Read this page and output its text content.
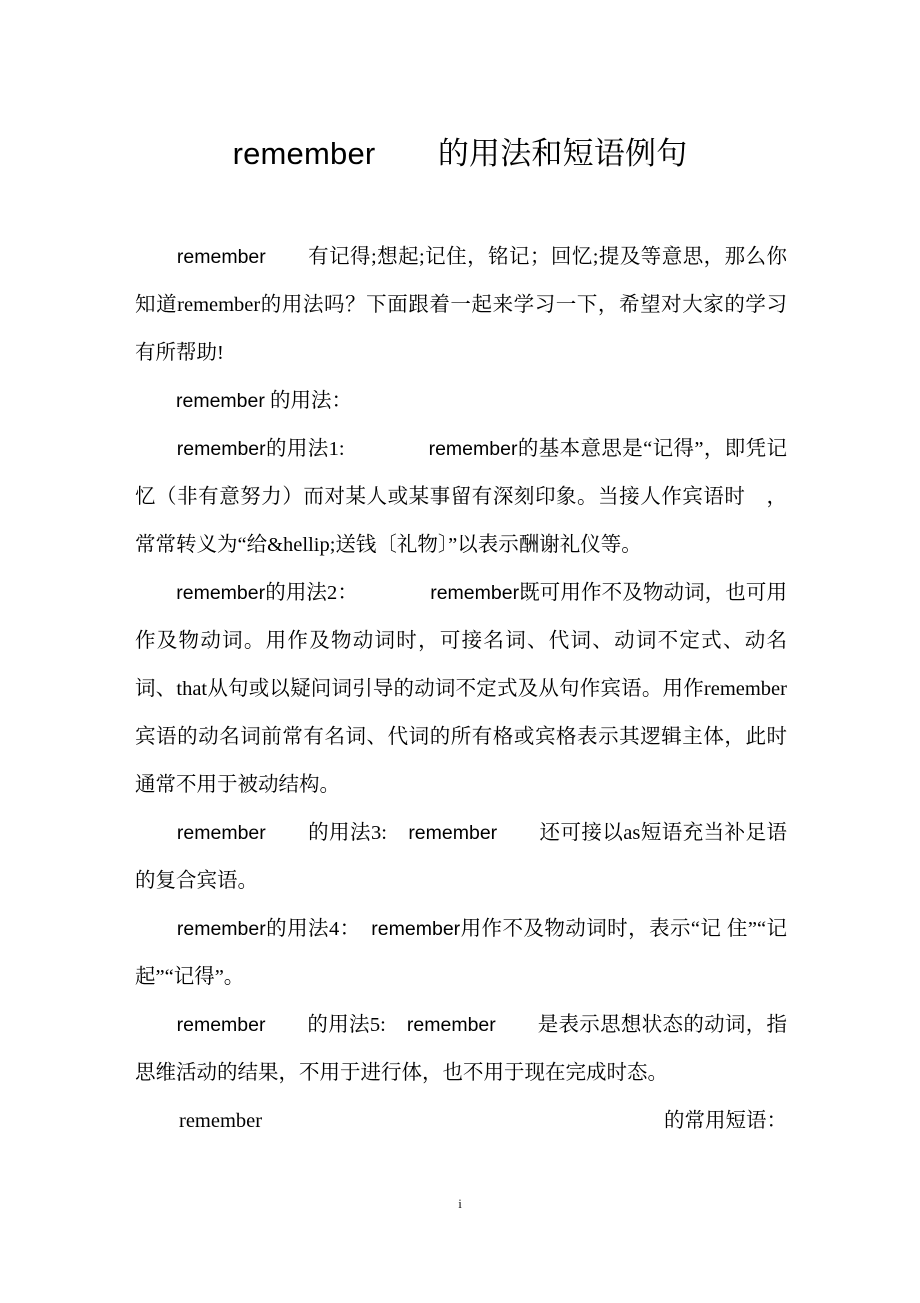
remember　　 的用法和短语例句

　　remember　　 有记得;想起;记住，铭记；回忆;提及等意思，那么你知道remember的用法吗？下面跟着一起来学习一下，希望对大家的学习有所帮助!

　　remember 的用法：

　　remember的用法1:　　　　	remember的基本意思是“记得”，即凭记忆（非有意努力）而对某人或某事留有深刻印象。当接人作宾语时　，常常转义为“给&hellip;送钱〔礼物〕”以表示酬谢礼仪等。

　　remember的用法2：　　　　	remember既可用作不及物动词，也可用作及物动词。用作及物动词时，可接名词、代词、动词不定式、动名词、that从句或以疑问词引导的动词不定式及从句作宾语。用作remember宾语的动名词前常有名词、代词的所有格或宾格表示其逻辑主体，此时通常不用于被动结构。

　　remember　　 的用法3:　 remember　　 还可接以as短语充当补足语的复合宾语。

　　remember的用法4：　 remember用作不及物动词时，表示“记 住”“记起”“记得”。

　　remember　　 的用法5:　 remember　　 是表示思想状态的动词，指思维活动的结果，不用于进行体，也不用于现在完成时态。

remember	的常用短语：
i
